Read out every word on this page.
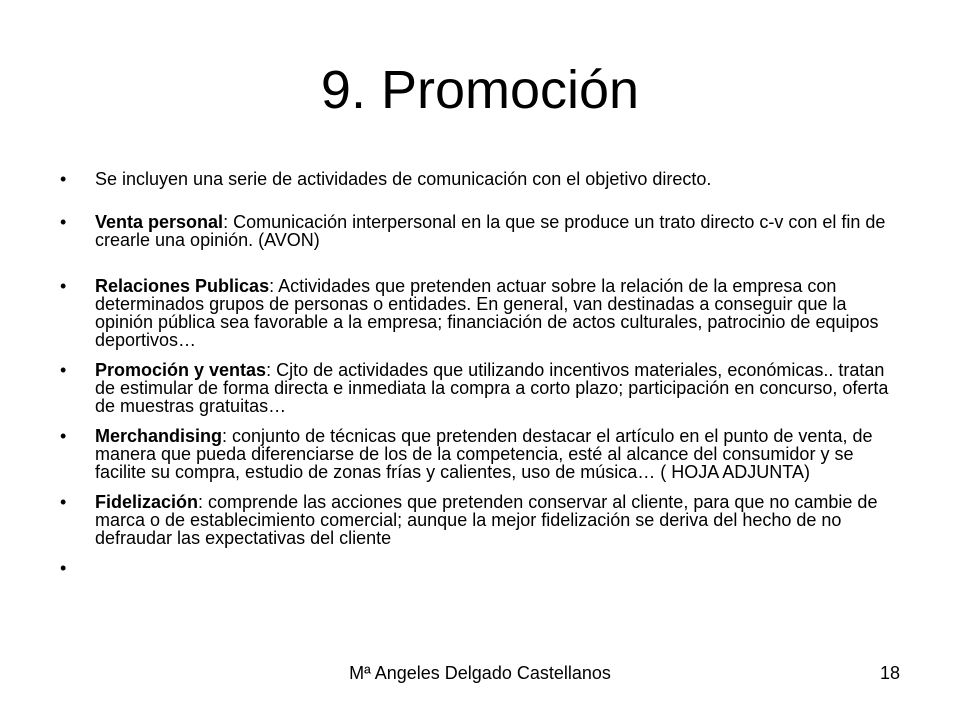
9. Promoción
•	Se incluyen una serie de actividades de comunicación con el objetivo directo.
•	Venta personal: Comunicación interpersonal en la que se produce un trato directo c-v con el fin de crearle una opinión. (AVON)
•	Relaciones Publicas: Actividades que pretenden actuar sobre la relación de la empresa con determinados grupos de personas o entidades. En general, van destinadas a conseguir que la opinión pública sea favorable a la empresa; financiación de actos culturales, patrocinio de equipos deportivos…
•	Promoción y ventas: Cjto de actividades que utilizando incentivos materiales, económicas.. tratan de estimular de forma directa e inmediata la compra a corto plazo; participación en concurso, oferta de muestras gratuitas…
•	Merchandising: conjunto de técnicas que pretenden destacar el artículo en el punto de venta, de manera que pueda diferenciarse de los de la competencia, esté al alcance del consumidor y se facilite su compra, estudio de zonas frías y calientes, uso de música… ( HOJA ADJUNTA)
•	Fidelización: comprende las acciones que pretenden conservar al cliente, para que no cambie de marca o de establecimiento comercial; aunque la mejor fidelización se deriva del hecho de no defraudar las expectativas del cliente
•

Mª Angeles Delgado Castellanos	18
